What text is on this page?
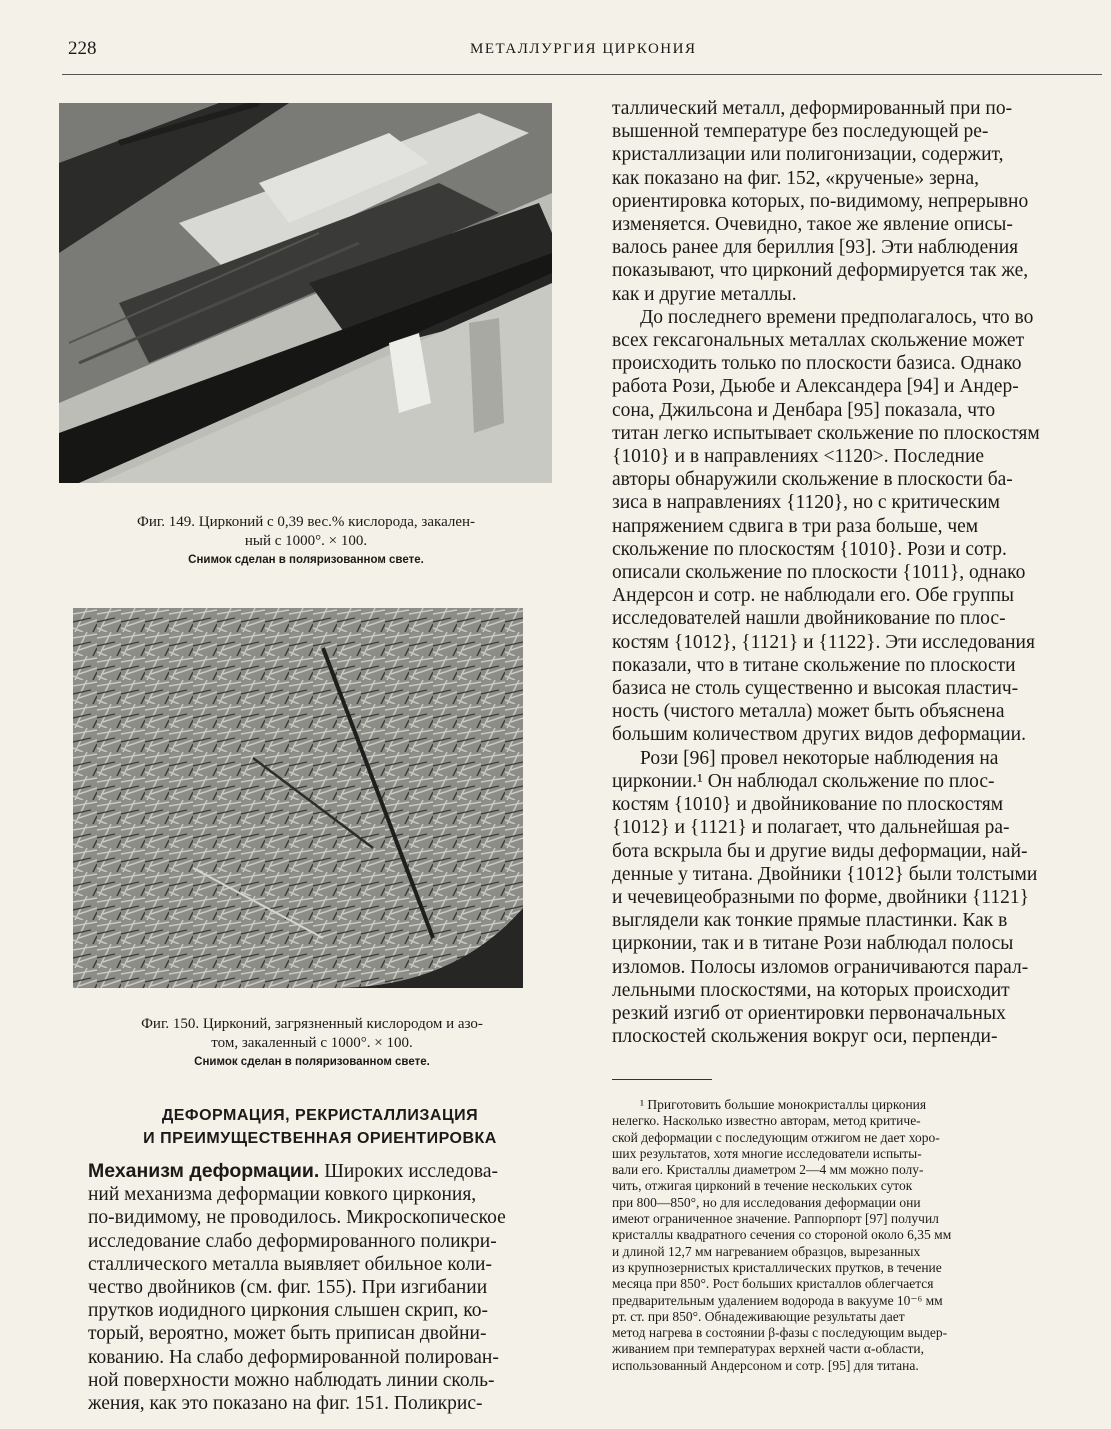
228	МЕТАЛЛУРГИЯ ЦИРКОНИЯ
Фиг. 149. Цирконий с 0,39 вес.% кислорода, закален-
ный с 1000°. × 100.
Снимок сделан в поляризованном свете.
Фиг. 150. Цирконий, загрязненный кислородом и азо-
том, закаленный с 1000°. × 100.
Снимок сделан в поляризованном свете.
ДЕФОРМАЦИЯ, РЕКРИСТАЛЛИЗАЦИЯ
И ПРЕИМУЩЕСТВЕННАЯ ОРИЕНТИРОВКА
Механизм деформации. Широких исследова-
ний механизма деформации ковкого циркония,
по-видимому, не проводилось. Микроскопическое
исследование слабо деформированного поликри-
сталлического металла выявляет обильное коли-
чество двойников (см. фиг. 155). При изгибании
прутков иодидного циркония слышен скрип, ко-
торый, вероятно, может быть приписан двойни-
кованию. На слабо деформированной полирован-
ной поверхности можно наблюдать линии сколь-
жения, как это показано на фиг. 151. Поликрис-
таллический металл, деформированный при по-
вышенной температуре без последующей ре-
кристаллизации или полигонизации, содержит,
как показано на фиг. 152, «крученые» зерна,
ориентировка которых, по-видимому, непрерывно
изменяется. Очевидно, такое же явление описы-
валось ранее для бериллия [93]. Эти наблюдения
показывают, что цирконий деформируется так же,
как и другие металлы.
До последнего времени предполагалось, что во
всех гексагональных металлах скольжение может
происходить только по плоскости базиса. Однако
работа Рози, Дьюбе и Александера [94] и Андер-
сона, Джильсона и Денбара [95] показала, что
титан легко испытывает скольжение по плоскостям
{1010} и в направлениях <1120>. Последние
авторы обнаружили скольжение в плоскости ба-
зиса в направлениях {1120}, но с критическим
напряжением сдвига в три раза больше, чем
скольжение по плоскостям {1010}. Рози и сотр.
описали скольжение по плоскости {1011}, однако
Андерсон и сотр. не наблюдали его. Обе группы
исследователей нашли двойникование по плос-
костям {1012}, {1121} и {1122}. Эти исследования
показали, что в титане скольжение по плоскости
базиса не столь существенно и высокая пластич-
ность (чистого металла) может быть объяснена
большим количеством других видов деформации.
Рози [96] провел некоторые наблюдения на
цирконии.¹ Он наблюдал скольжение по плос-
костям {1010} и двойникование по плоскостям
{1012} и {1121} и полагает, что дальнейшая ра-
бота вскрыла бы и другие виды деформации, най-
денные у титана. Двойники {1012} были толстыми
и чечевицеобразными по форме, двойники {1121}
выглядели как тонкие прямые пластинки. Как в
цирконии, так и в титане Рози наблюдал полосы
изломов. Полосы изломов ограничиваются парал-
лельными плоскостями, на которых происходит
резкий изгиб от ориентировки первоначальных
плоскостей скольжения вокруг оси, перпенди-
¹ Приготовить большие монокристаллы циркония
нелегко. Насколько известно авторам, метод критиче-
ской деформации с последующим отжигом не дает хоро-
ших результатов, хотя многие исследователи испыты-
вали его. Кристаллы диаметром 2—4 мм можно полу-
чить, отжигая цирконий в течение нескольких суток
при 800—850°, но для исследования деформации они
имеют ограниченное значение. Раппорпорт [97] получил
кристаллы квадратного сечения со стороной около 6,35 мм
и длиной 12,7 мм нагреванием образцов, вырезанных
из крупнозернистых кристаллических прутков, в течение
месяца при 850°. Рост больших кристаллов облегчается
предварительным удалением водорода в вакууме 10⁻⁶ мм
рт. ст. при 850°. Обнадеживающие результаты дает
метод нагрева в состоянии β-фазы с последующим выдер-
живанием при температурах верхней части α-области,
использованный Андерсоном и сотр. [95] для титана.
